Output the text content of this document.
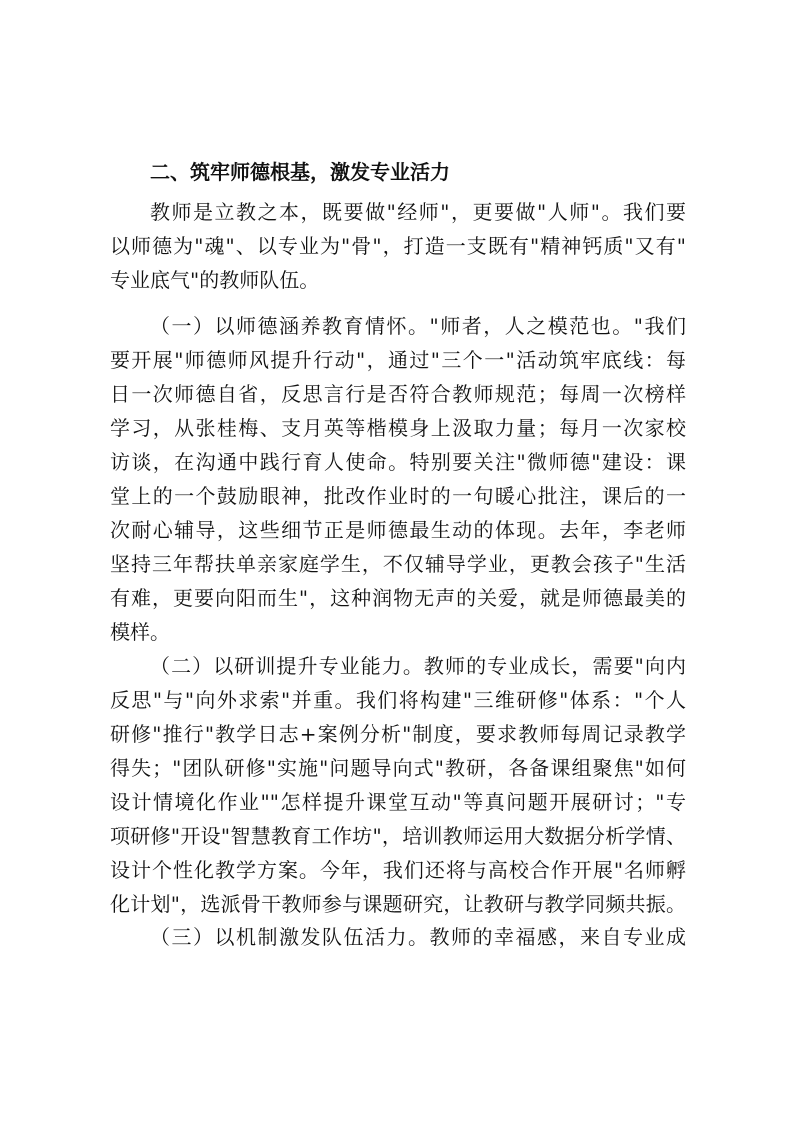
二、筑牢师德根基，激发专业活力
教师是立教之本，既要做"经师"，更要做"人师"。我们要
以师德为"魂"、以专业为"骨"，打造一支既有"精神钙质"又有"
专业底气"的教师队伍。
（一）以师德涵养教育情怀。"师者，人之模范也。"我们
要开展"师德师风提升行动"，通过"三个一"活动筑牢底线：每
日一次师德自省，反思言行是否符合教师规范；每周一次榜样
学习，从张桂梅、支月英等楷模身上汲取力量；每月一次家校
访谈，在沟通中践行育人使命。特别要关注"微师德"建设：课
堂上的一个鼓励眼神，批改作业时的一句暖心批注，课后的一
次耐心辅导，这些细节正是师德最生动的体现。去年，李老师
坚持三年帮扶单亲家庭学生，不仅辅导学业，更教会孩子"生活
有难，更要向阳而生"，这种润物无声的关爱，就是师德最美的
模样。
（二）以研训提升专业能力。教师的专业成长，需要"向内
反思"与"向外求索"并重。我们将构建"三维研修"体系："个人
研修"推行"教学日志+案例分析"制度，要求教师每周记录教学
得失；"团队研修"实施"问题导向式"教研，各备课组聚焦"如何
设计情境化作业""怎样提升课堂互动"等真问题开展研讨；"专
项研修"开设"智慧教育工作坊"，培训教师运用大数据分析学情、
设计个性化教学方案。今年，我们还将与高校合作开展"名师孵
化计划"，选派骨干教师参与课题研究，让教研与教学同频共振。
（三）以机制激发队伍活力。教师的幸福感，来自专业成
